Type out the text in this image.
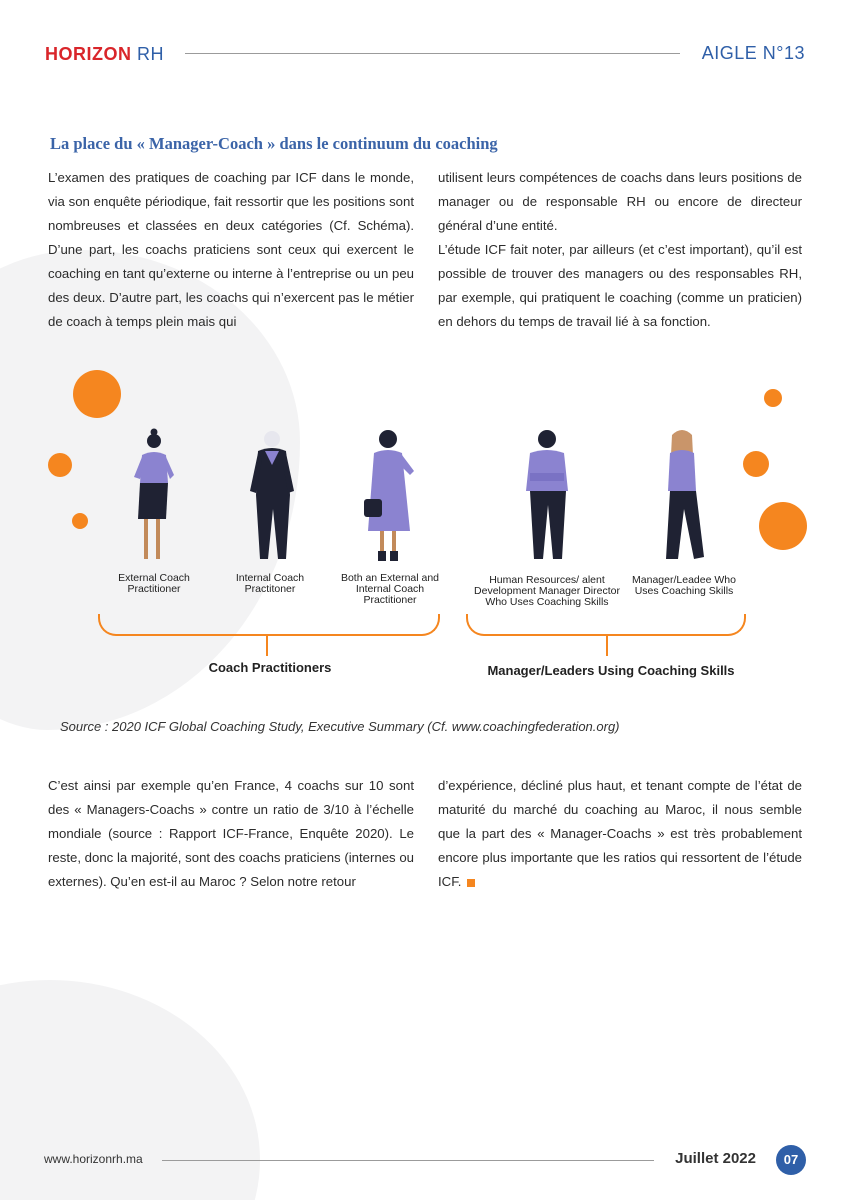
HORIZON RH	AIGLE N°13
La place du « Manager-Coach » dans le continuum du coaching

L’examen des pratiques de coaching par ICF dans le monde, via son enquête périodique, fait ressortir que les positions sont nombreuses et classées en deux catégories (Cf. Schéma). D’une part, les coachs praticiens sont ceux qui exercent le coaching en tant qu’externe ou interne à l’entreprise ou un peu des deux. D’autre part, les coachs qui n’exercent pas le métier de coach à temps plein mais qui

utilisent leurs compétences de coachs dans leurs positions de manager ou de responsable RH ou encore de directeur général d’une entité.

L’étude ICF fait noter, par ailleurs (et c’est important), qu’il est possible de trouver des managers ou des responsables RH, par exemple, qui pratiquent le coaching (comme un praticien) en dehors du temps de travail lié à sa fonction.

External Coach Practitioner
Internal Coach Practitoner
Both an External and Internal Coach Practitioner
Human Resources/ alent Development Manager Director Who Uses Coaching Skills
Manager/Leadee Who Uses Coaching Skills
Coach Practitioners	Manager/Leaders Using Coaching Skills
Source : 2020 ICF Global Coaching Study, Executive Summary (Cf. www.coachingfederation.org)

C’est ainsi par exemple qu’en France, 4 coachs sur 10 sont des « Managers-Coachs » contre un ratio de 3/10 à l’échelle mondiale (source : Rapport ICF-France, Enquête 2020). Le reste, donc la majorité, sont des coachs praticiens (internes ou externes). Qu’en est-il au Maroc ? Selon notre retour

d’expérience, décliné plus haut, et tenant compte de l’état de maturité du marché du coaching au Maroc, il nous semble que la part des « Manager-Coachs » est très probablement encore plus importante que les ratios qui ressortent de l’étude ICF.

www.horizonrh.ma	Juillet 2022	07
